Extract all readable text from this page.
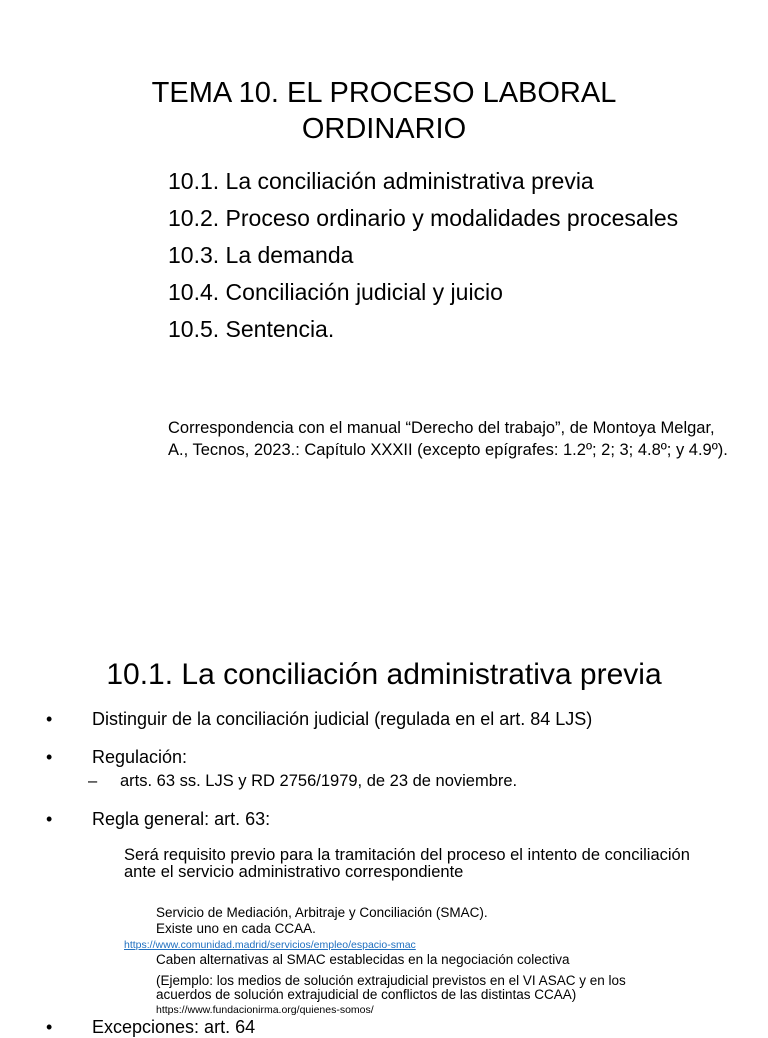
TEMA 10. EL PROCESO LABORAL
ORDINARIO
10.1. La conciliación administrativa previa
10.2. Proceso ordinario y modalidades procesales
10.3. La demanda
10.4. Conciliación judicial y juicio
10.5. Sentencia.

Correspondencia con el manual “Derecho del trabajo”, de Montoya Melgar, A., Tecnos, 2023.: Capítulo XXXII (excepto epígrafes: 1.2º; 2; 3; 4.8º; y 4.9º).

10.1. La conciliación administrativa previa
• Distinguir de la conciliación judicial (regulada en el art. 84 LJS)
• Regulación:
– arts. 63 ss. LJS y RD 2756/1979, de 23 de noviembre.
• Regla general: art. 63:
Será requisito previo para la tramitación del proceso el intento de conciliación ante el servicio administrativo correspondiente
Servicio de Mediación, Arbitraje y Conciliación (SMAC).
Existe uno en cada CCAA.
https://www.comunidad.madrid/servicios/empleo/espacio-smac
Caben alternativas al SMAC establecidas en la negociación colectiva
(Ejemplo: los medios de solución extrajudicial previstos en el VI ASAC y en los
acuerdos de solución extrajudicial de conflictos de las distintas CCAA)
https://www.fundacionirma.org/quienes-somos/
• Excepciones: art. 64
